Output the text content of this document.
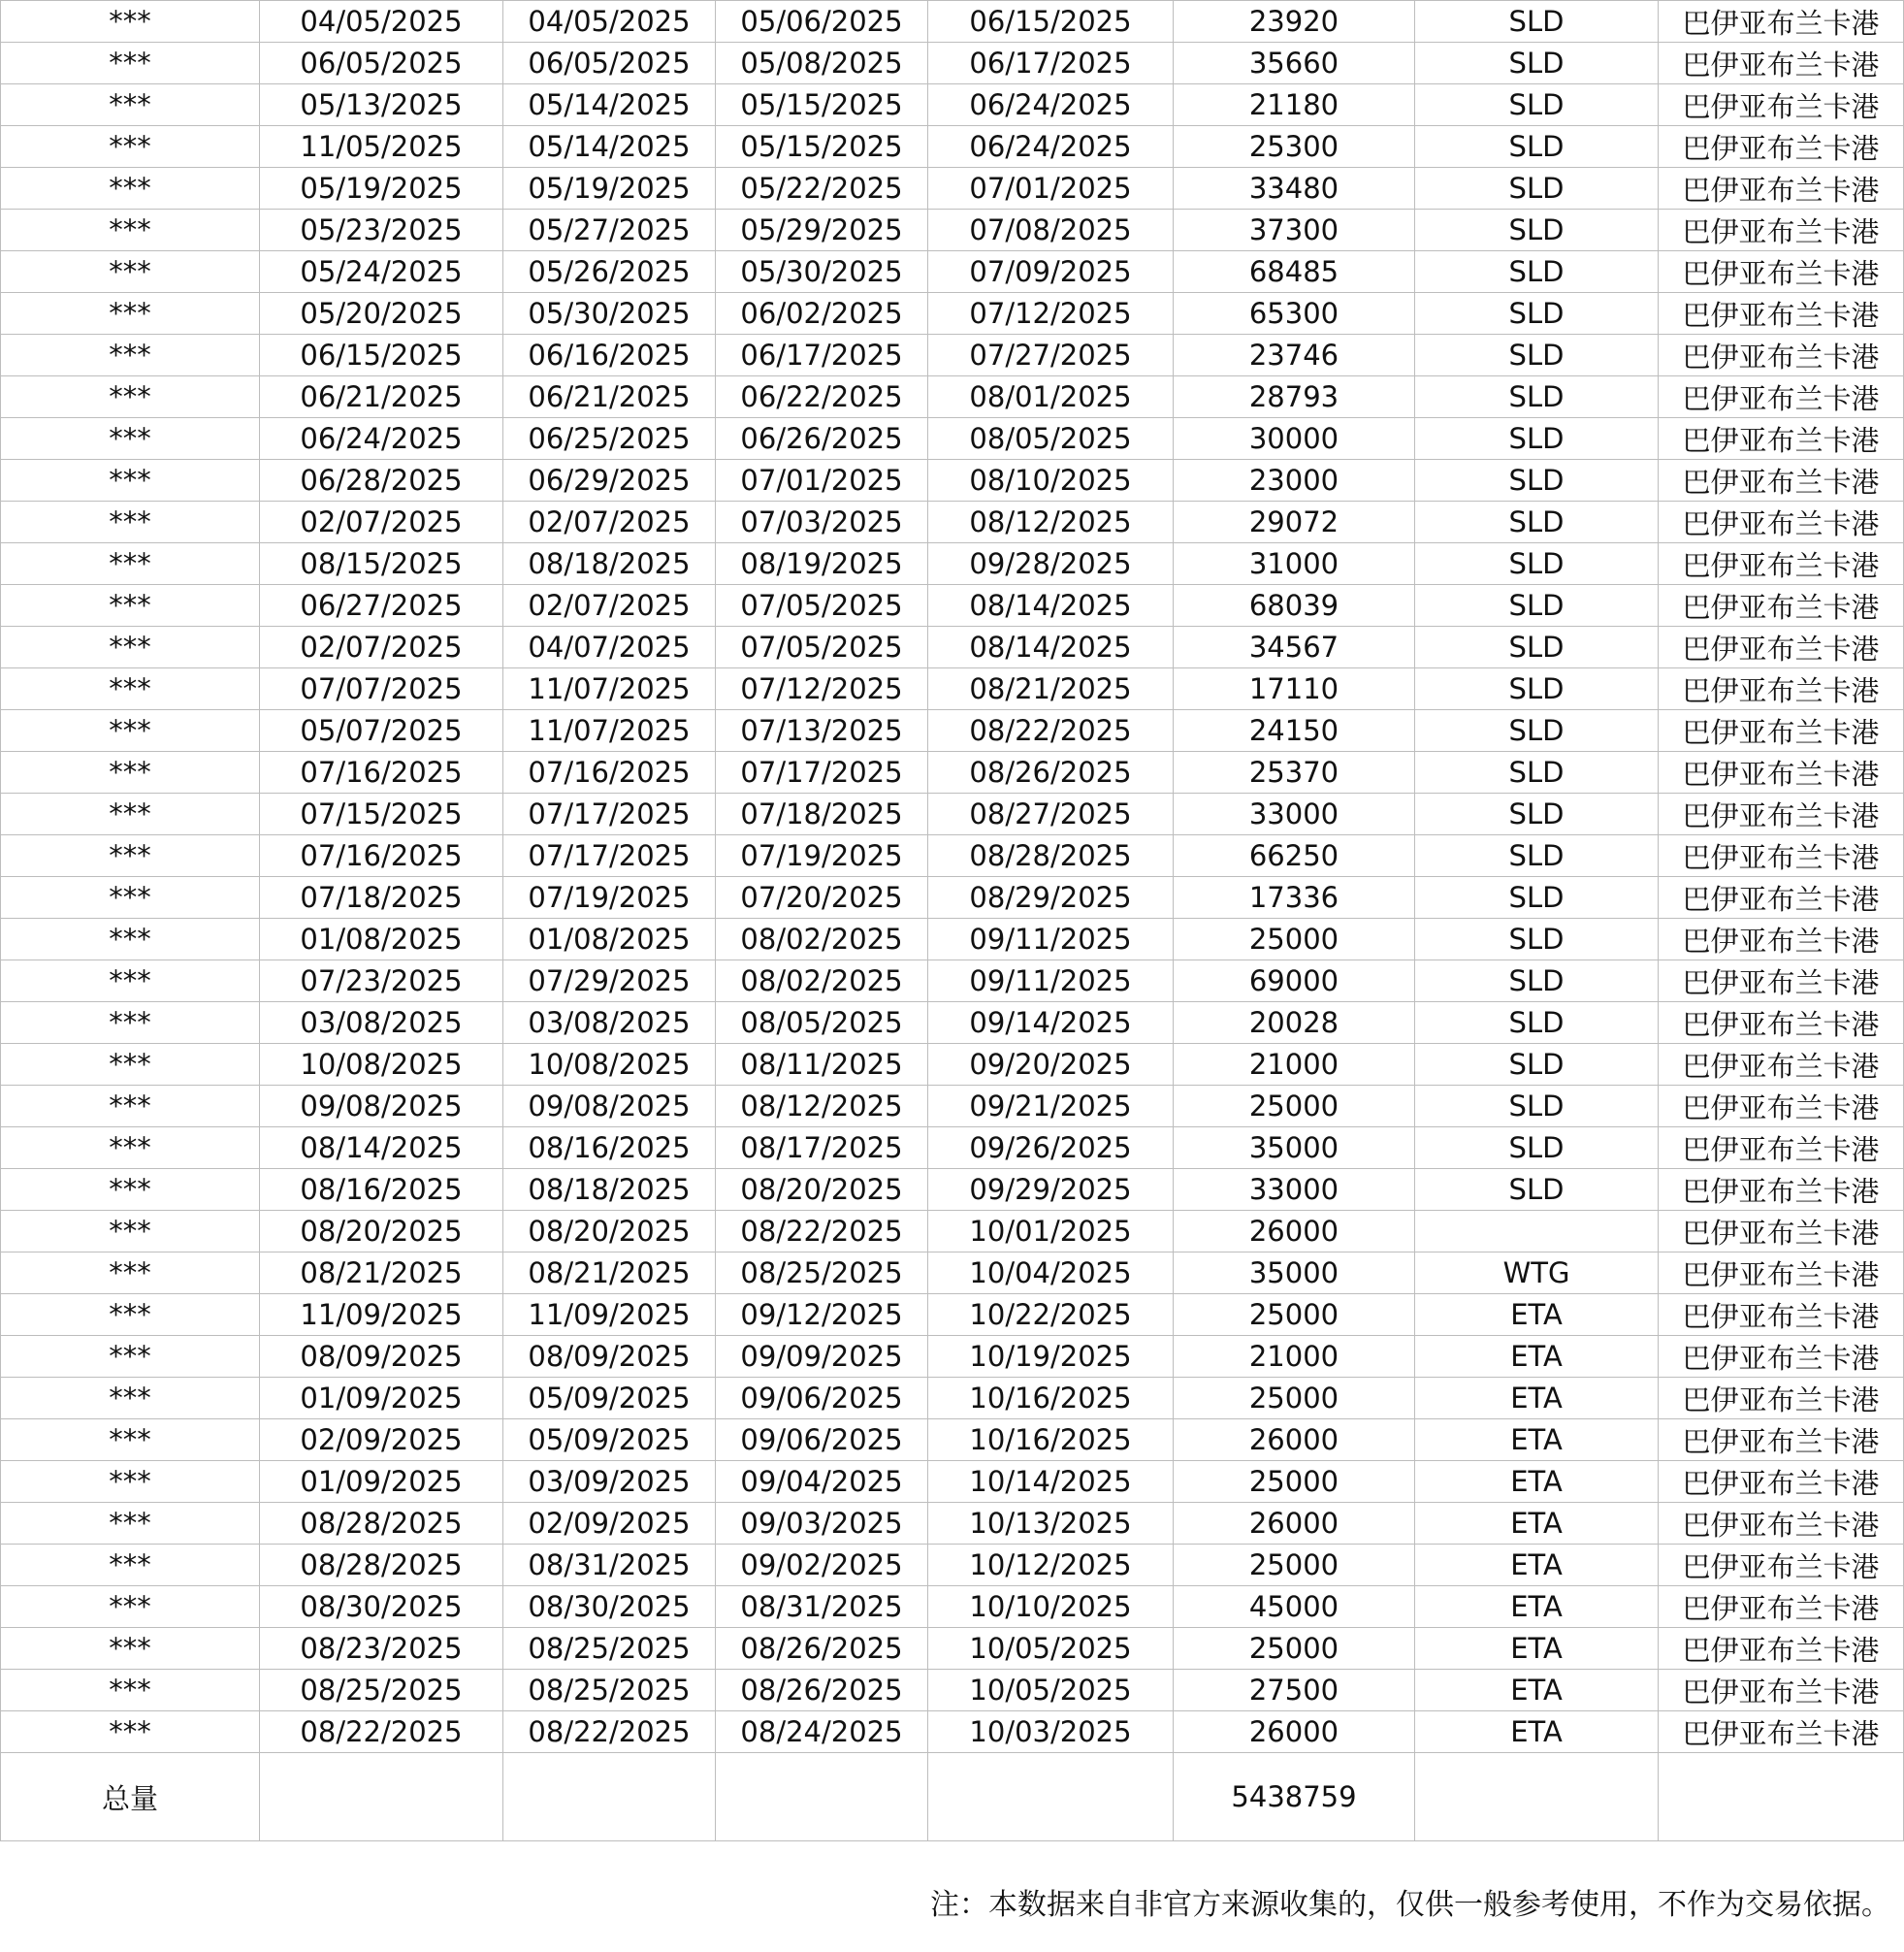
***	04/05/2025	04/05/2025	05/06/2025	06/15/2025	23920	SLD	巴伊亚布兰卡港
***	06/05/2025	06/05/2025	05/08/2025	06/17/2025	35660	SLD	巴伊亚布兰卡港
***	05/13/2025	05/14/2025	05/15/2025	06/24/2025	21180	SLD	巴伊亚布兰卡港
***	11/05/2025	05/14/2025	05/15/2025	06/24/2025	25300	SLD	巴伊亚布兰卡港
***	05/19/2025	05/19/2025	05/22/2025	07/01/2025	33480	SLD	巴伊亚布兰卡港
***	05/23/2025	05/27/2025	05/29/2025	07/08/2025	37300	SLD	巴伊亚布兰卡港
***	05/24/2025	05/26/2025	05/30/2025	07/09/2025	68485	SLD	巴伊亚布兰卡港
***	05/20/2025	05/30/2025	06/02/2025	07/12/2025	65300	SLD	巴伊亚布兰卡港
***	06/15/2025	06/16/2025	06/17/2025	07/27/2025	23746	SLD	巴伊亚布兰卡港
***	06/21/2025	06/21/2025	06/22/2025	08/01/2025	28793	SLD	巴伊亚布兰卡港
***	06/24/2025	06/25/2025	06/26/2025	08/05/2025	30000	SLD	巴伊亚布兰卡港
***	06/28/2025	06/29/2025	07/01/2025	08/10/2025	23000	SLD	巴伊亚布兰卡港
***	02/07/2025	02/07/2025	07/03/2025	08/12/2025	29072	SLD	巴伊亚布兰卡港
***	08/15/2025	08/18/2025	08/19/2025	09/28/2025	31000	SLD	巴伊亚布兰卡港
***	06/27/2025	02/07/2025	07/05/2025	08/14/2025	68039	SLD	巴伊亚布兰卡港
***	02/07/2025	04/07/2025	07/05/2025	08/14/2025	34567	SLD	巴伊亚布兰卡港
***	07/07/2025	11/07/2025	07/12/2025	08/21/2025	17110	SLD	巴伊亚布兰卡港
***	05/07/2025	11/07/2025	07/13/2025	08/22/2025	24150	SLD	巴伊亚布兰卡港
***	07/16/2025	07/16/2025	07/17/2025	08/26/2025	25370	SLD	巴伊亚布兰卡港
***	07/15/2025	07/17/2025	07/18/2025	08/27/2025	33000	SLD	巴伊亚布兰卡港
***	07/16/2025	07/17/2025	07/19/2025	08/28/2025	66250	SLD	巴伊亚布兰卡港
***	07/18/2025	07/19/2025	07/20/2025	08/29/2025	17336	SLD	巴伊亚布兰卡港
***	01/08/2025	01/08/2025	08/02/2025	09/11/2025	25000	SLD	巴伊亚布兰卡港
***	07/23/2025	07/29/2025	08/02/2025	09/11/2025	69000	SLD	巴伊亚布兰卡港
***	03/08/2025	03/08/2025	08/05/2025	09/14/2025	20028	SLD	巴伊亚布兰卡港
***	10/08/2025	10/08/2025	08/11/2025	09/20/2025	21000	SLD	巴伊亚布兰卡港
***	09/08/2025	09/08/2025	08/12/2025	09/21/2025	25000	SLD	巴伊亚布兰卡港
***	08/14/2025	08/16/2025	08/17/2025	09/26/2025	35000	SLD	巴伊亚布兰卡港
***	08/16/2025	08/18/2025	08/20/2025	09/29/2025	33000	SLD	巴伊亚布兰卡港
***	08/20/2025	08/20/2025	08/22/2025	10/01/2025	26000		巴伊亚布兰卡港
***	08/21/2025	08/21/2025	08/25/2025	10/04/2025	35000	WTG	巴伊亚布兰卡港
***	11/09/2025	11/09/2025	09/12/2025	10/22/2025	25000	ETA	巴伊亚布兰卡港
***	08/09/2025	08/09/2025	09/09/2025	10/19/2025	21000	ETA	巴伊亚布兰卡港
***	01/09/2025	05/09/2025	09/06/2025	10/16/2025	25000	ETA	巴伊亚布兰卡港
***	02/09/2025	05/09/2025	09/06/2025	10/16/2025	26000	ETA	巴伊亚布兰卡港
***	01/09/2025	03/09/2025	09/04/2025	10/14/2025	25000	ETA	巴伊亚布兰卡港
***	08/28/2025	02/09/2025	09/03/2025	10/13/2025	26000	ETA	巴伊亚布兰卡港
***	08/28/2025	08/31/2025	09/02/2025	10/12/2025	25000	ETA	巴伊亚布兰卡港
***	08/30/2025	08/30/2025	08/31/2025	10/10/2025	45000	ETA	巴伊亚布兰卡港
***	08/23/2025	08/25/2025	08/26/2025	10/05/2025	25000	ETA	巴伊亚布兰卡港
***	08/25/2025	08/25/2025	08/26/2025	10/05/2025	27500	ETA	巴伊亚布兰卡港
***	08/22/2025	08/22/2025	08/24/2025	10/03/2025	26000	ETA	巴伊亚布兰卡港
总量					5438759		
注：本数据来自非官方来源收集的，仅供一般参考使用，不作为交易依据。
